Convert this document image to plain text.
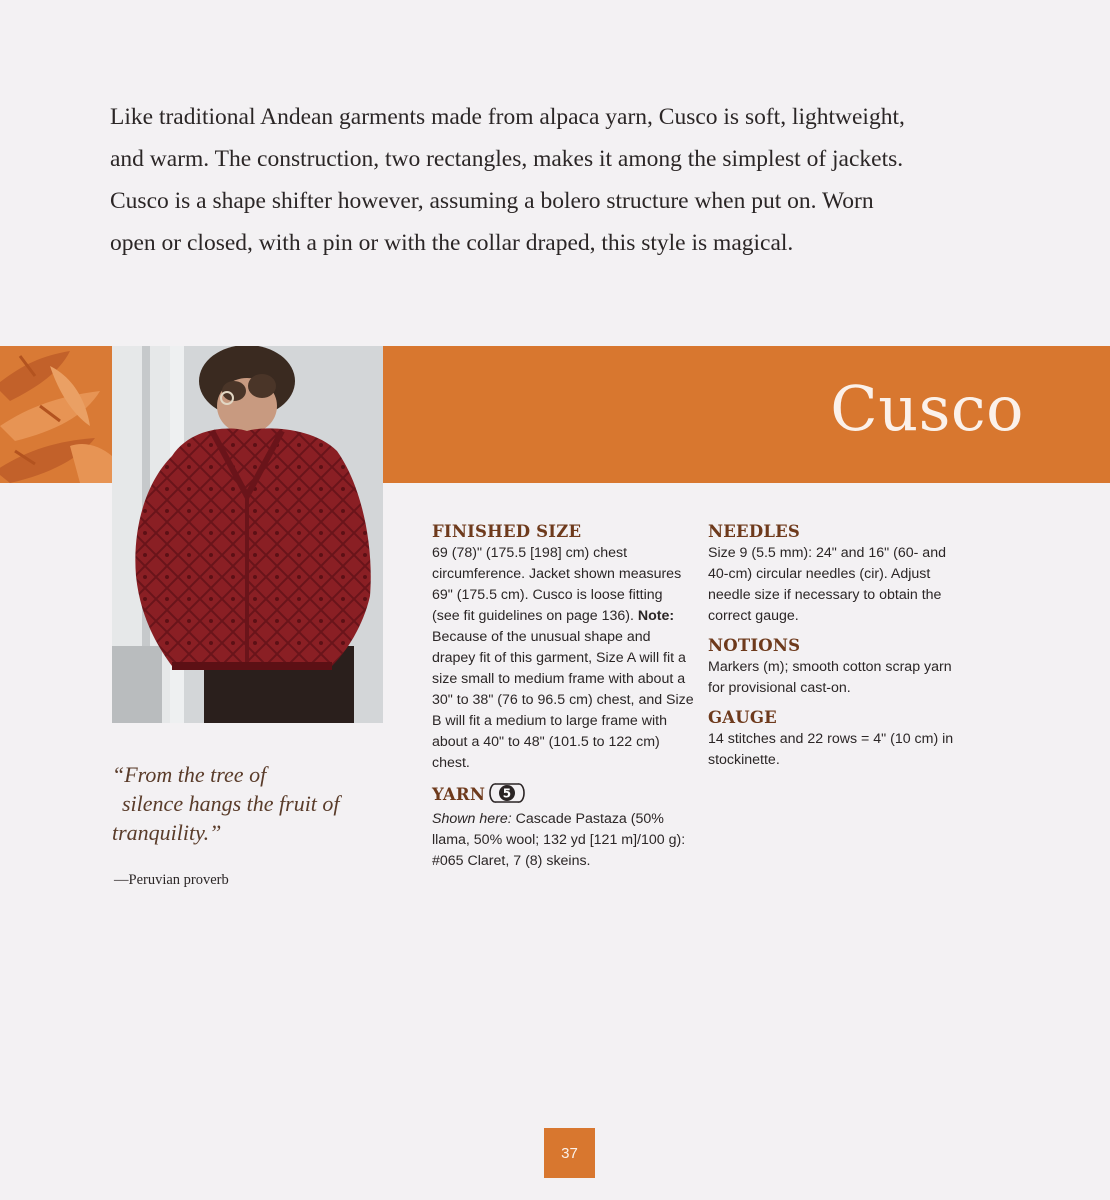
Like traditional Andean garments made from alpaca yarn, Cusco is soft, lightweight, and warm. The construction, two rectangles, makes it among the simplest of jackets. Cusco is a shape shifter however, assuming a bolero structure when put on. Worn open or closed, with a pin or with the collar draped, this style is magical.

Cusco
FINISHED SIZE

69 (78)" (175.5 [198] cm) chest circumference. Jacket shown measures 69" (175.5 cm). Cusco is loose fitting (see fit guidelines on page 136). Note: Because of the unusual shape and drapey fit of this garment, Size A will fit a size small to medium frame with about a 30" to 38" (76 to 96.5 cm) chest, and Size B will fit a medium to large frame with about a 40" to 48" (101.5 to 122 cm) chest.

YARN 5

Shown here: Cascade Pastaza (50% llama, 50% wool; 132 yd [121 m]/100 g): #065 Claret, 7 (8) skeins.

NEEDLES

Size 9 (5.5 mm): 24" and 16" (60- and 40-cm) circular needles (cir). Adjust needle size if necessary to obtain the correct gauge.

NOTIONS

Markers (m); smooth cotton scrap yarn for provisional cast-on.

GAUGE

14 stitches and 22 rows = 4" (10 cm) in stockinette.

“From the tree of
silence hangs the fruit of
tranquility.”

—Peruvian proverb

37
